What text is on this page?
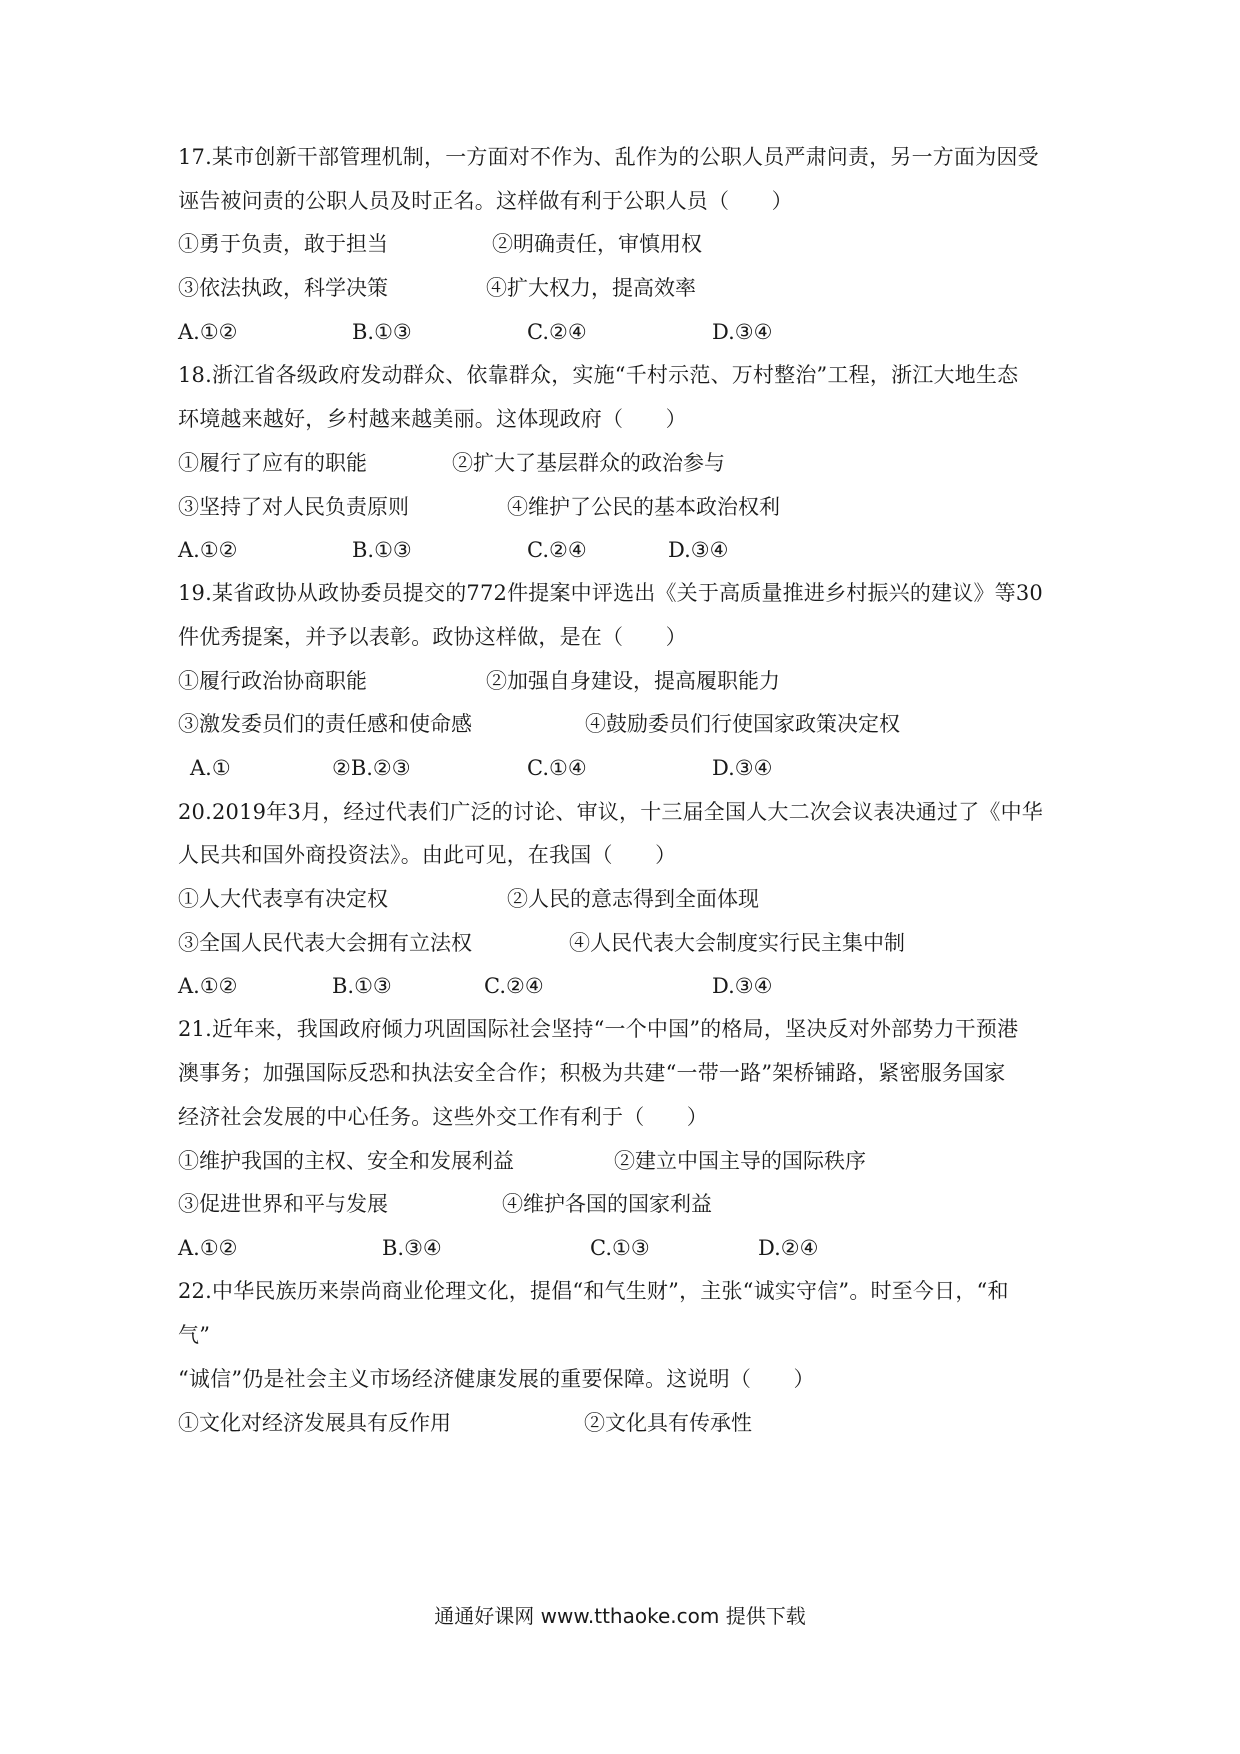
17.某市创新干部管理机制，一方面对不作为、乱作为的公职人员严肃问责，另一方面为因受
诬告被问责的公职人员及时正名。这样做有利于公职人员（　　）
①勇于负责，敢于担当	②明确责任，审慎用权
③依法执政，科学决策	④扩大权力，提高效率
A.①②	B.①③	C.②④	D.③④
18.浙江省各级政府发动群众、依靠群众，实施“千村示范、万村整治”工程，浙江大地生态
环境越来越好，乡村越来越美丽。这体现政府（　　）
①履行了应有的职能	②扩大了基层群众的政治参与
③坚持了对人民负责原则	④维护了公民的基本政治权利
A.①②	B.①③	C.②④	D.③④
19.某省政协从政协委员提交的772件提案中评选出《关于高质量推进乡村振兴的建议》等30
件优秀提案，并予以表彰。政协这样做，是在（　　）
①履行政治协商职能	②加强自身建设，提高履职能力
③激发委员们的责任感和使命感	④鼓励委员们行使国家政策决定权
A.①	②B.②③	C.①④	D.③④
20.2019年3月，经过代表们广泛的讨论、审议，十三届全国人大二次会议表决通过了《中华
人民共和国外商投资法》。由此可见，在我国（　　）
①人大代表享有决定权	②人民的意志得到全面体现
③全国人民代表大会拥有立法权	④人民代表大会制度实行民主集中制
A.①②	B.①③	C.②④	D.③④
21.近年来，我国政府倾力巩固国际社会坚持“一个中国”的格局，坚决反对外部势力干预港
澳事务；加强国际反恐和执法安全合作；积极为共建“一带一路”架桥铺路，紧密服务国家
经济社会发展的中心任务。这些外交工作有利于（　　）
①维护我国的主权、安全和发展利益	②建立中国主导的国际秩序
③促进世界和平与发展	④维护各国的国家利益
A.①②	B.③④	C.①③	D.②④
22.中华民族历来崇尚商业伦理文化，提倡“和气生财”，主张“诚实守信”。时至今日，“和
气”
“诚信”仍是社会主义市场经济健康发展的重要保障。这说明（　　）
①文化对经济发展具有反作用	②文化具有传承性
通通好课网 www.tthaoke.com 提供下载
